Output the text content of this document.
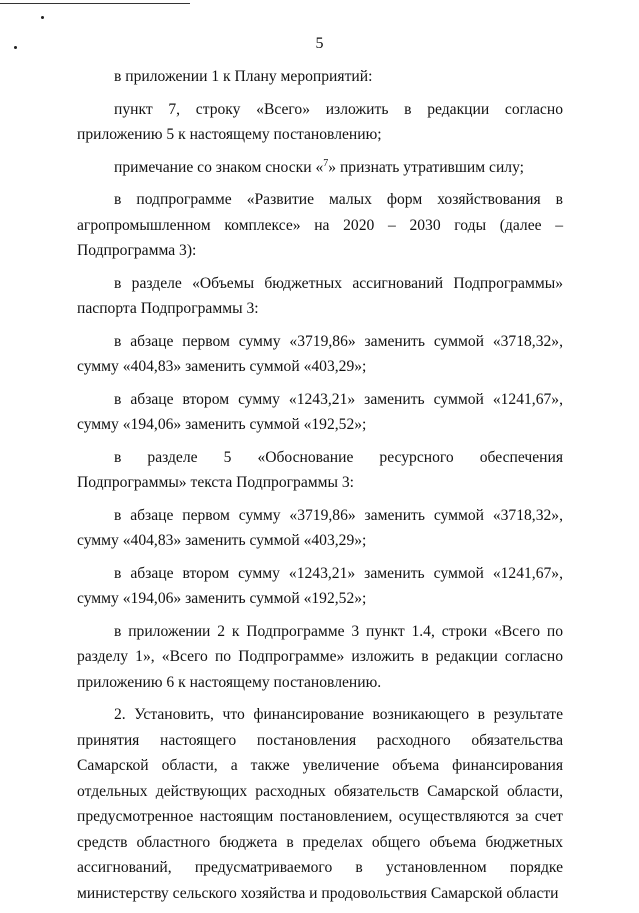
5

в приложении 1 к Плану мероприятий:

пункт 7, строку «Всего» изложить в редакции согласно приложению 5 к настоящему постановлению;

примечание со знаком сноски «$^7$» признать утратившим силу;

в подпрограмме «Развитие малых форм хозяйствования в агропромышленном комплексе» на 2020 – 2030 годы (далее – Подпрограмма 3):

в разделе «Объемы бюджетных ассигнований Подпрограммы» паспорта Подпрограммы 3:

в абзаце первом сумму «3719,86» заменить суммой «3718,32», сумму «404,83» заменить суммой «403,29»;

в абзаце втором сумму «1243,21» заменить суммой «1241,67», сумму «194,06» заменить суммой «192,52»;

в разделе 5 «Обоснование ресурсного обеспечения Подпрограммы» текста Подпрограммы 3:

в абзаце первом сумму «3719,86» заменить суммой «3718,32», сумму «404,83» заменить суммой «403,29»;

в абзаце втором сумму «1243,21» заменить суммой «1241,67», сумму «194,06» заменить суммой «192,52»;

в приложении 2 к Подпрограмме 3 пункт 1.4, строки «Всего по разделу 1», «Всего по Подпрограмме» изложить в редакции согласно приложению 6 к настоящему постановлению.

2. Установить, что финансирование возникающего в результате принятия настоящего постановления расходного обязательства Самарской области, а также увеличение объема финансирования отдельных действующих расходных обязательств Самарской области, предусмотренное настоящим постановлением, осуществляются за счет средств областного бюджета в пределах общего объема бюджетных ассигнований, предусматриваемого в установленном порядке министерству сельского хозяйства и продовольствия Самарской области
